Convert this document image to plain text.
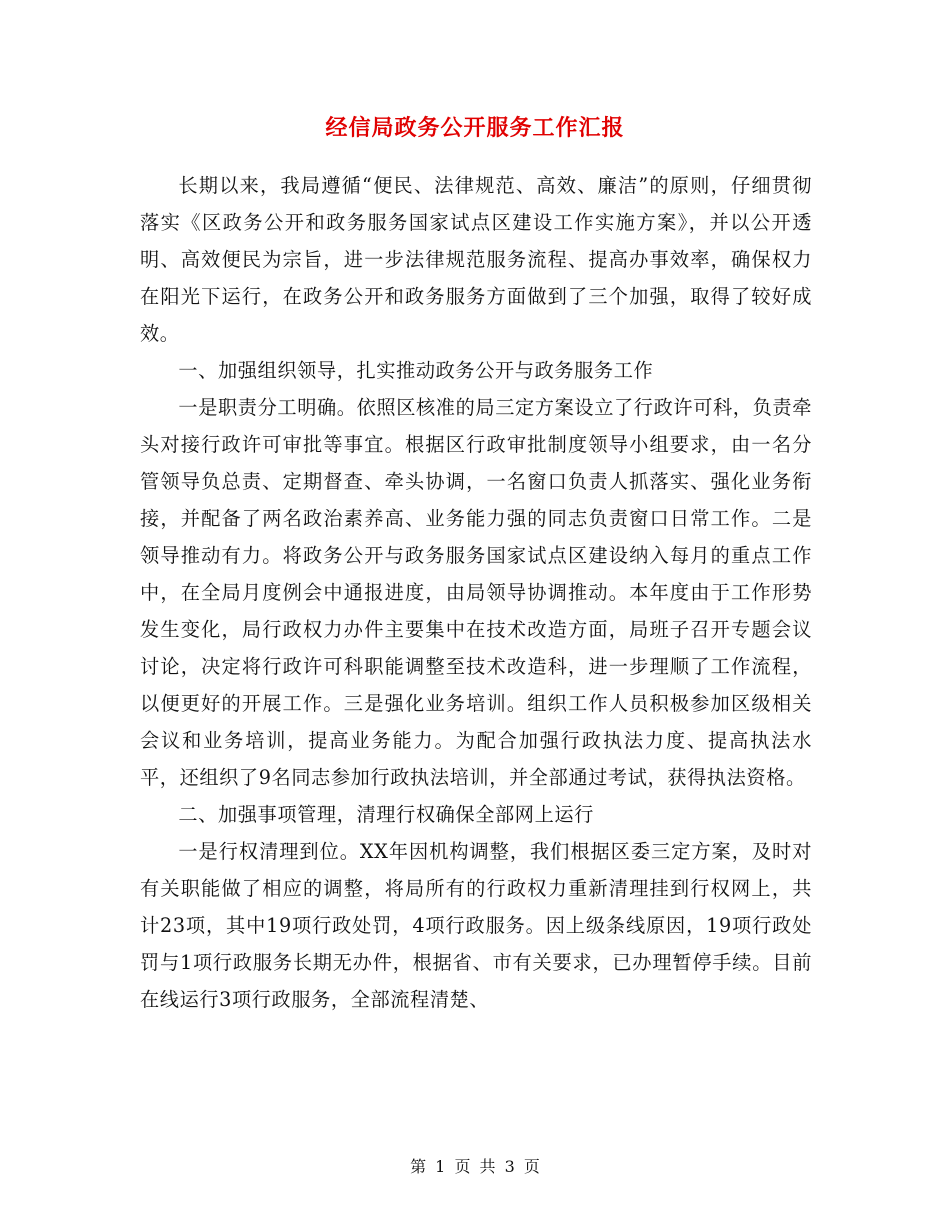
经信局政务公开服务工作汇报

长期以来，我局遵循“便民、法律规范、高效、廉洁”的原则，仔细贯彻落实《区政务公开和政务服务国家试点区建设工作实施方案》，并以公开透明、高效便民为宗旨，进一步法律规范服务流程、提高办事效率，确保权力在阳光下运行，在政务公开和政务服务方面做到了三个加强，取得了较好成效。

一、加强组织领导，扎实推动政务公开与政务服务工作

一是职责分工明确。依照区核准的局三定方案设立了行政许可科，负责牵头对接行政许可审批等事宜。根据区行政审批制度领导小组要求，由一名分管领导负总责、定期督查、牵头协调，一名窗口负责人抓落实、强化业务衔接，并配备了两名政治素养高、业务能力强的同志负责窗口日常工作。二是领导推动有力。将政务公开与政务服务国家试点区建设纳入每月的重点工作中，在全局月度例会中通报进度，由局领导协调推动。本年度由于工作形势发生变化，局行政权力办件主要集中在技术改造方面，局班子召开专题会议讨论，决定将行政许可科职能调整至技术改造科，进一步理顺了工作流程，以便更好的开展工作。三是强化业务培训。组织工作人员积极参加区级相关会议和业务培训，提高业务能力。为配合加强行政执法力度、提高执法水平，还组织了9名同志参加行政执法培训，并全部通过考试，获得执法资格。

二、加强事项管理，清理行权确保全部网上运行

一是行权清理到位。XX年因机构调整，我们根据区委三定方案，及时对有关职能做了相应的调整，将局所有的行政权力重新清理挂到行权网上，共计23项，其中19项行政处罚，4项行政服务。因上级条线原因，19项行政处罚与1项行政服务长期无办件，根据省、市有关要求，已办理暂停手续。目前在线运行3项行政服务，全部流程清楚、

第 1 页 共 3 页
